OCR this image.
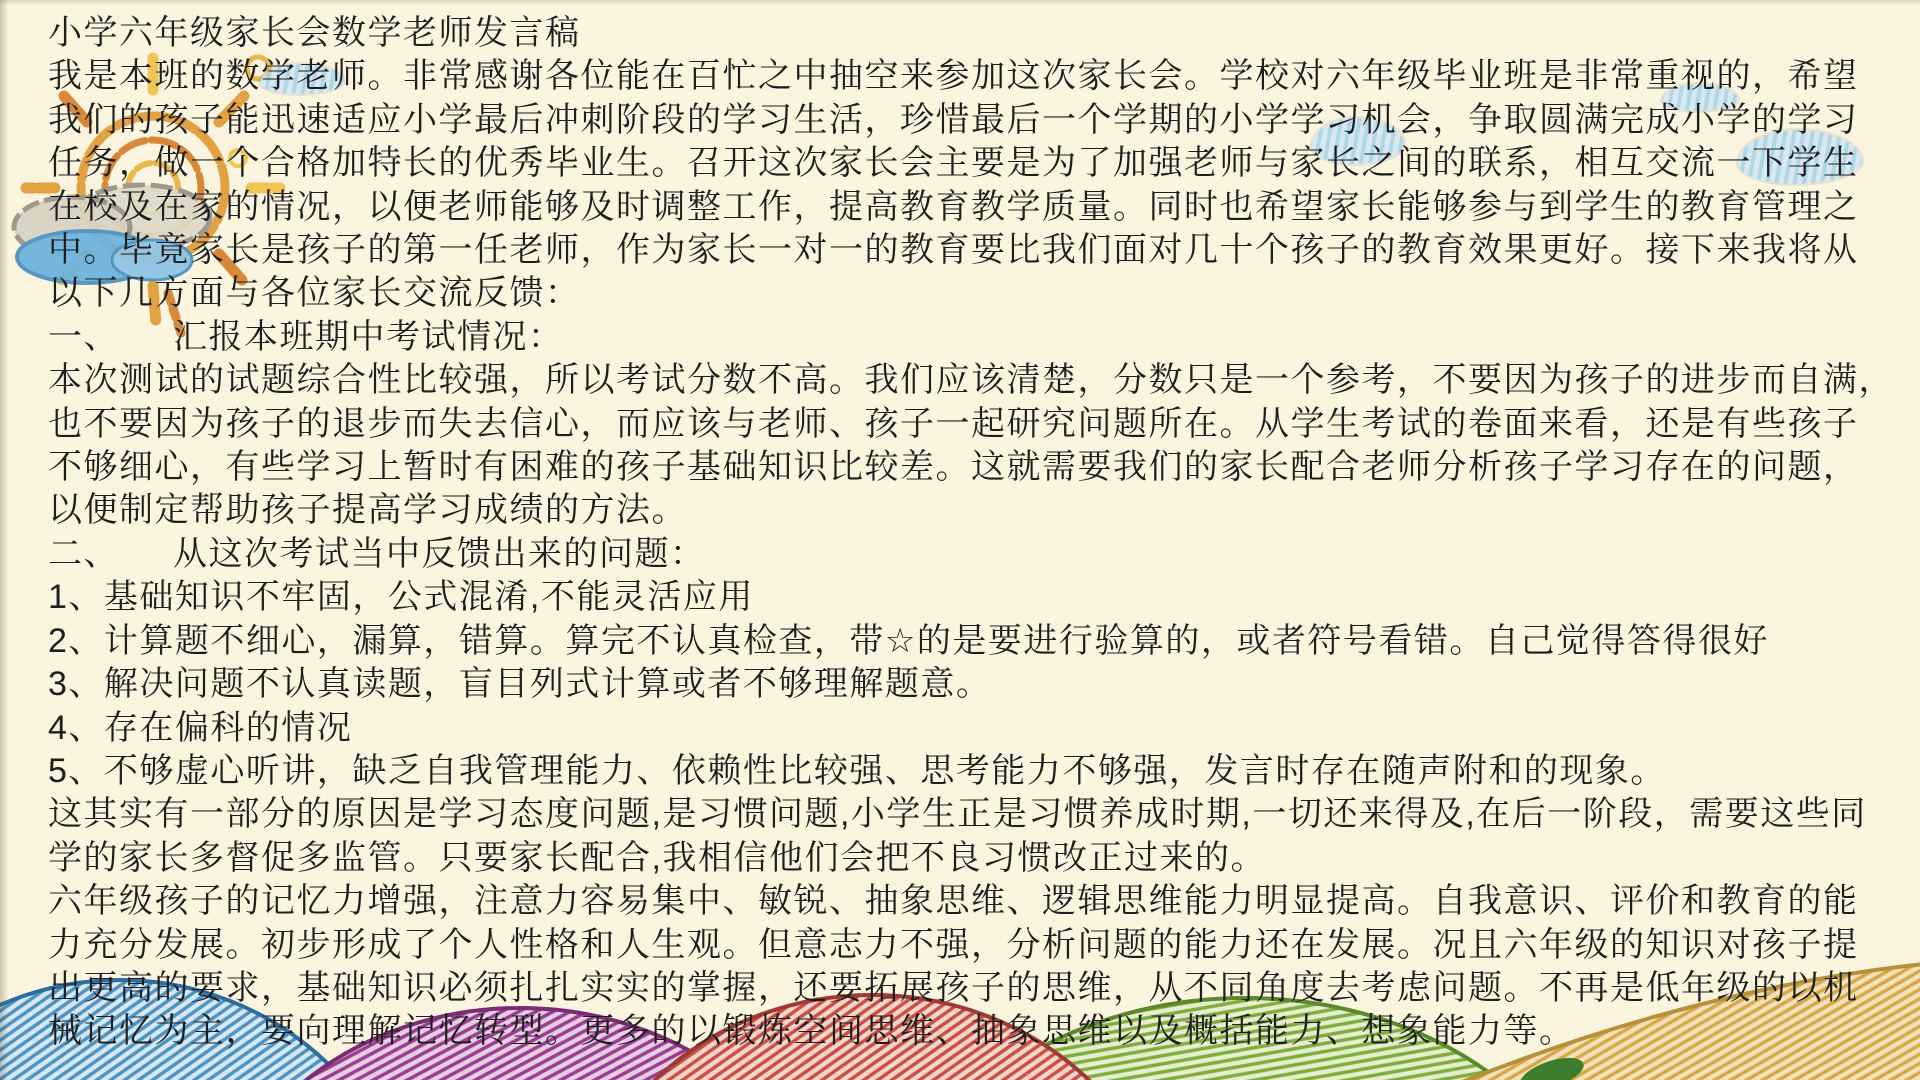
小学六年级家长会数学老师发言稿
我是本班的数学老师。非常感谢各位能在百忙之中抽空来参加这次家长会。学校对六年级毕业班是非常重视的，希望
我们的孩子能迅速适应小学最后冲刺阶段的学习生活，珍惜最后一个学期的小学学习机会，争取圆满完成小学的学习
任务，做一个合格加特长的优秀毕业生。召开这次家长会主要是为了加强老师与家长之间的联系，相互交流一下学生
在校及在家的情况，以便老师能够及时调整工作，提高教育教学质量。同时也希望家长能够参与到学生的教育管理之
中。毕竟家长是孩子的第一任老师，作为家长一对一的教育要比我们面对几十个孩子的教育效果更好。接下来我将从
以下几方面与各位家长交流反馈：
一、　　汇报本班期中考试情况：
本次测试的试题综合性比较强，所以考试分数不高。我们应该清楚，分数只是一个参考，不要因为孩子的进步而自满，
也不要因为孩子的退步而失去信心，而应该与老师、孩子一起研究问题所在。从学生考试的卷面来看，还是有些孩子
不够细心，有些学习上暂时有困难的孩子基础知识比较差。这就需要我们的家长配合老师分析孩子学习存在的问题，
以便制定帮助孩子提高学习成绩的方法。
二、　　从这次考试当中反馈出来的问题：
1、基础知识不牢固，公式混淆,不能灵活应用
2、计算题不细心，漏算，错算。算完不认真检查，带☆的是要进行验算的，或者符号看错。自己觉得答得很好
3、解决问题不认真读题，盲目列式计算或者不够理解题意。
4、存在偏科的情况
5、不够虚心听讲，缺乏自我管理能力、依赖性比较强、思考能力不够强，发言时存在随声附和的现象。
这其实有一部分的原因是学习态度问题,是习惯问题,小学生正是习惯养成时期,一切还来得及,在后一阶段，需要这些同
学的家长多督促多监管。只要家长配合,我相信他们会把不良习惯改正过来的。
六年级孩子的记忆力增强，注意力容易集中、敏锐、抽象思维、逻辑思维能力明显提高。自我意识、评价和教育的能
力充分发展。初步形成了个人性格和人生观。但意志力不强，分析问题的能力还在发展。况且六年级的知识对孩子提
出更高的要求，基础知识必须扎扎实实的掌握，还要拓展孩子的思维，从不同角度去考虑问题。不再是低年级的以机
械记忆为主，要向理解记忆转型。更多的以锻炼空间思维、抽象思维以及概括能力、想象能力等。
